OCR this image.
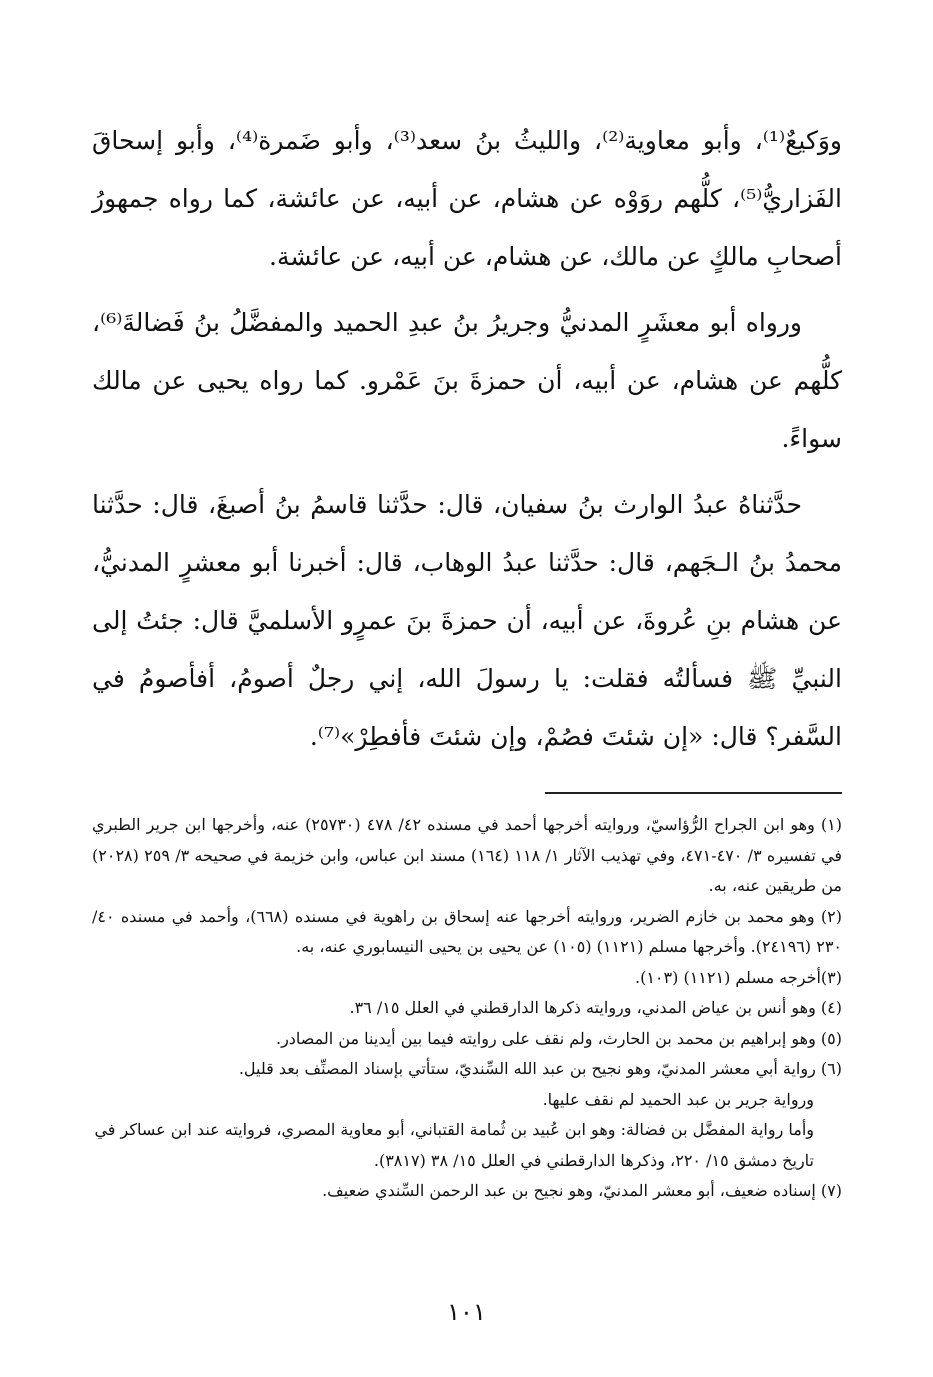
ووَكيعٌ⁽¹⁾، وأبو معاوية⁽²⁾، والليثُ بنُ سعد⁽³⁾، وأبو ضَمرة⁽⁴⁾، وأبو إسحاقَ الفَزاريُّ⁽⁵⁾، كلُّهم روَوْه عن هشام، عن أبيه، عن عائشة، كما رواه جمهورُ أصحابِ مالكٍ عن مالك، عن هشام، عن أبيه، عن عائشة.

ورواه أبو معشَرٍ المدنيُّ وجريرُ بنُ عبدِ الحميد والمفضَّلُ بنُ فَضالةَ⁽⁶⁾، كلُّهم عن هشام، عن أبيه، أن حمزةَ بنَ عَمْرو. كما رواه يحيى عن مالك سواءً.

حدَّثناهُ عبدُ الوارث بنُ سفيان، قال: حدَّثنا قاسمُ بنُ أصبغَ، قال: حدَّثنا محمدُ بنُ الـجَهم، قال: حدَّثنا عبدُ الوهاب، قال: أخبرنا أبو معشرٍ المدنيُّ، عن هشام بنِ عُروةَ، عن أبيه، أن حمزةَ بنَ عمرٍو الأسلميَّ قال: جئتُ إلى النبيِّ ﷺ فسألتُه فقلت: يا رسولَ الله، إني رجلٌ أصومُ، أفأصومُ في السَّفر؟ قال: «إن شئتَ فصُمْ، وإن شئتَ فأفطِرْ»⁽⁷⁾.

(١) وهو ابن الجراح الرُّؤاسيّ، وروايته أخرجها أحمد في مسنده ٤٢/ ٤٧٨ (٢٥٧٣٠) عنه، وأخرجها ابن جرير الطبري في تفسيره ٣/ ٤٧٠-٤٧١، وفي تهذيب الآثار ١/ ١١٨ (١٦٤) مسند ابن عباس، وابن خزيمة في صحيحه ٣/ ٢٥٩ (٢٠٢٨) من طريقين عنه، به.

(٢) وهو محمد بن خازم الضرير، وروايته أخرجها عنه إسحاق بن راهوية في مسنده (٦٦٨)، وأحمد في مسنده ٤٠/ ٢٣٠ (٢٤١٩٦). وأخرجها مسلم (١١٢١) (١٠٥) عن يحيى بن يحيى النيسابوري عنه، به.

(٣)أخرجه مسلم (١١٢١) (١٠٣).

(٤) وهو أنس بن عياض المدني، وروايته ذكرها الدارقطني في العلل ١٥/ ٣٦.

(٥) وهو إبراهيم بن محمد بن الحارث، ولم نقف على روايته فيما بين أيدينا من المصادر.

(٦) رواية أبي معشر المدنيّ، وهو نجيح بن عبد الله السِّنديّ، ستأتي بإسناد المصنِّف بعد قليل.

ورواية جرير بن عبد الحميد لم نقف عليها.

وأما رواية المفضَّل بن فضالة: وهو ابن عُبيد بن ثُمامة القتباني، أبو معاوية المصري، فروايته عند ابن عساكر في تاريخ دمشق ١٥/ ٢٢٠، وذكرها الدارقطني في العلل ١٥/ ٣٨ (٣٨١٧).

(٧) إسناده ضعيف، أبو معشر المدنيّ، وهو نجيح بن عبد الرحمن السِّندي ضعيف.

١٠١
